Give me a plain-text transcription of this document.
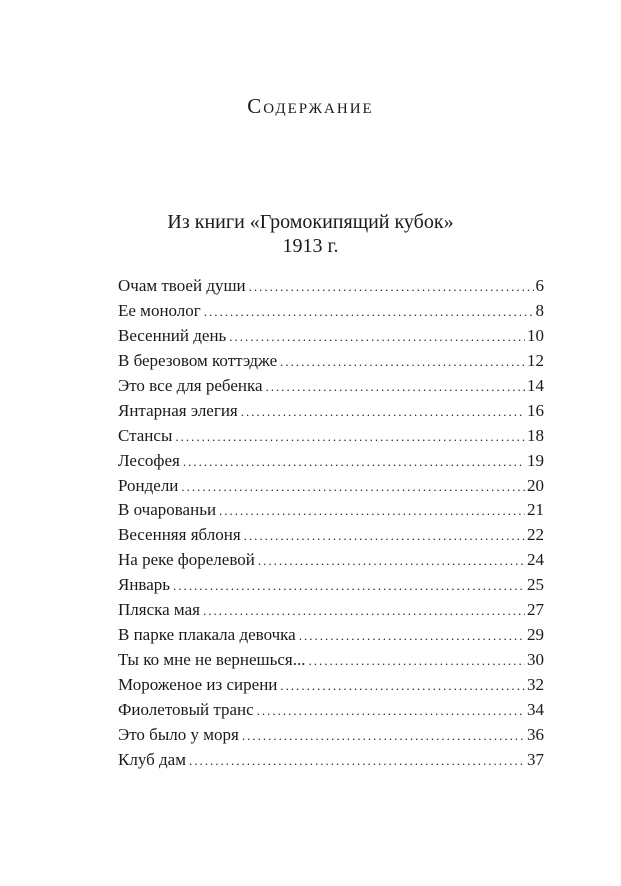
Содержание
Из книги «Громокипящий кубок»
1913 г.
Очам твоей души .....	6
Ее монолог .....	8
Весенний день .....	10
В березовом коттэдже .....	12
Это все для ребенка .....	14
Янтарная элегия .....	16
Стансы .....	18
Лесофея .....	19
Рондели .....	20
В очарованьи .....	21
Весенняя яблоня .....	22
На реке форелевой .....	24
Январь .....	25
Пляска мая .....	27
В парке плакала девочка .....	29
Ты ко мне не вернешься... .....	30
Мороженое из сирени .....	32
Фиолетовый транс .....	34
Это было у моря .....	36
Клуб дам .....	37
